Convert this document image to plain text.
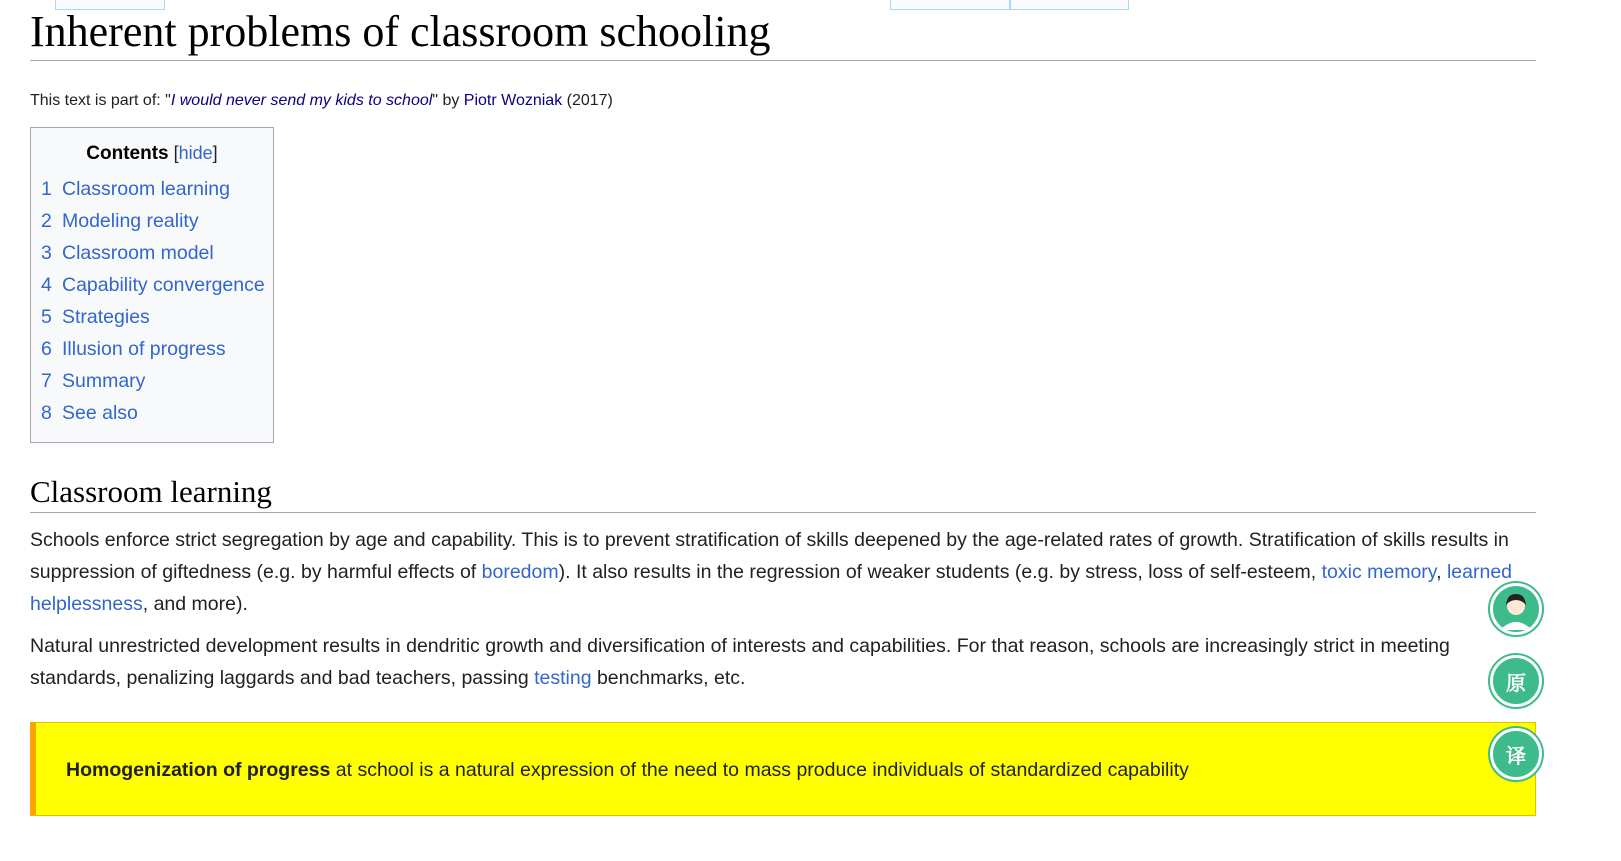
Inherent problems of classroom schooling
This text is part of: "I would never send my kids to school" by Piotr Wozniak (2017)
Contents [hide]
1 Classroom learning
2 Modeling reality
3 Classroom model
4 Capability convergence
5 Strategies
6 Illusion of progress
7 Summary
8 See also
Classroom learning

Schools enforce strict segregation by age and capability. This is to prevent stratification of skills deepened by the age-related rates of growth. Stratification of skills results in suppression of giftedness (e.g. by harmful effects of boredom). It also results in the regression of weaker students (e.g. by stress, loss of self-esteem, toxic memory, learned helplessness, and more).

Natural unrestricted development results in dendritic growth and diversification of interests and capabilities. For that reason, schools are increasingly strict in meeting standards, penalizing laggards and bad teachers, passing testing benchmarks, etc.

Homogenization of progress at school is a natural expression of the need to mass produce individuals of standardized capability

原
译
